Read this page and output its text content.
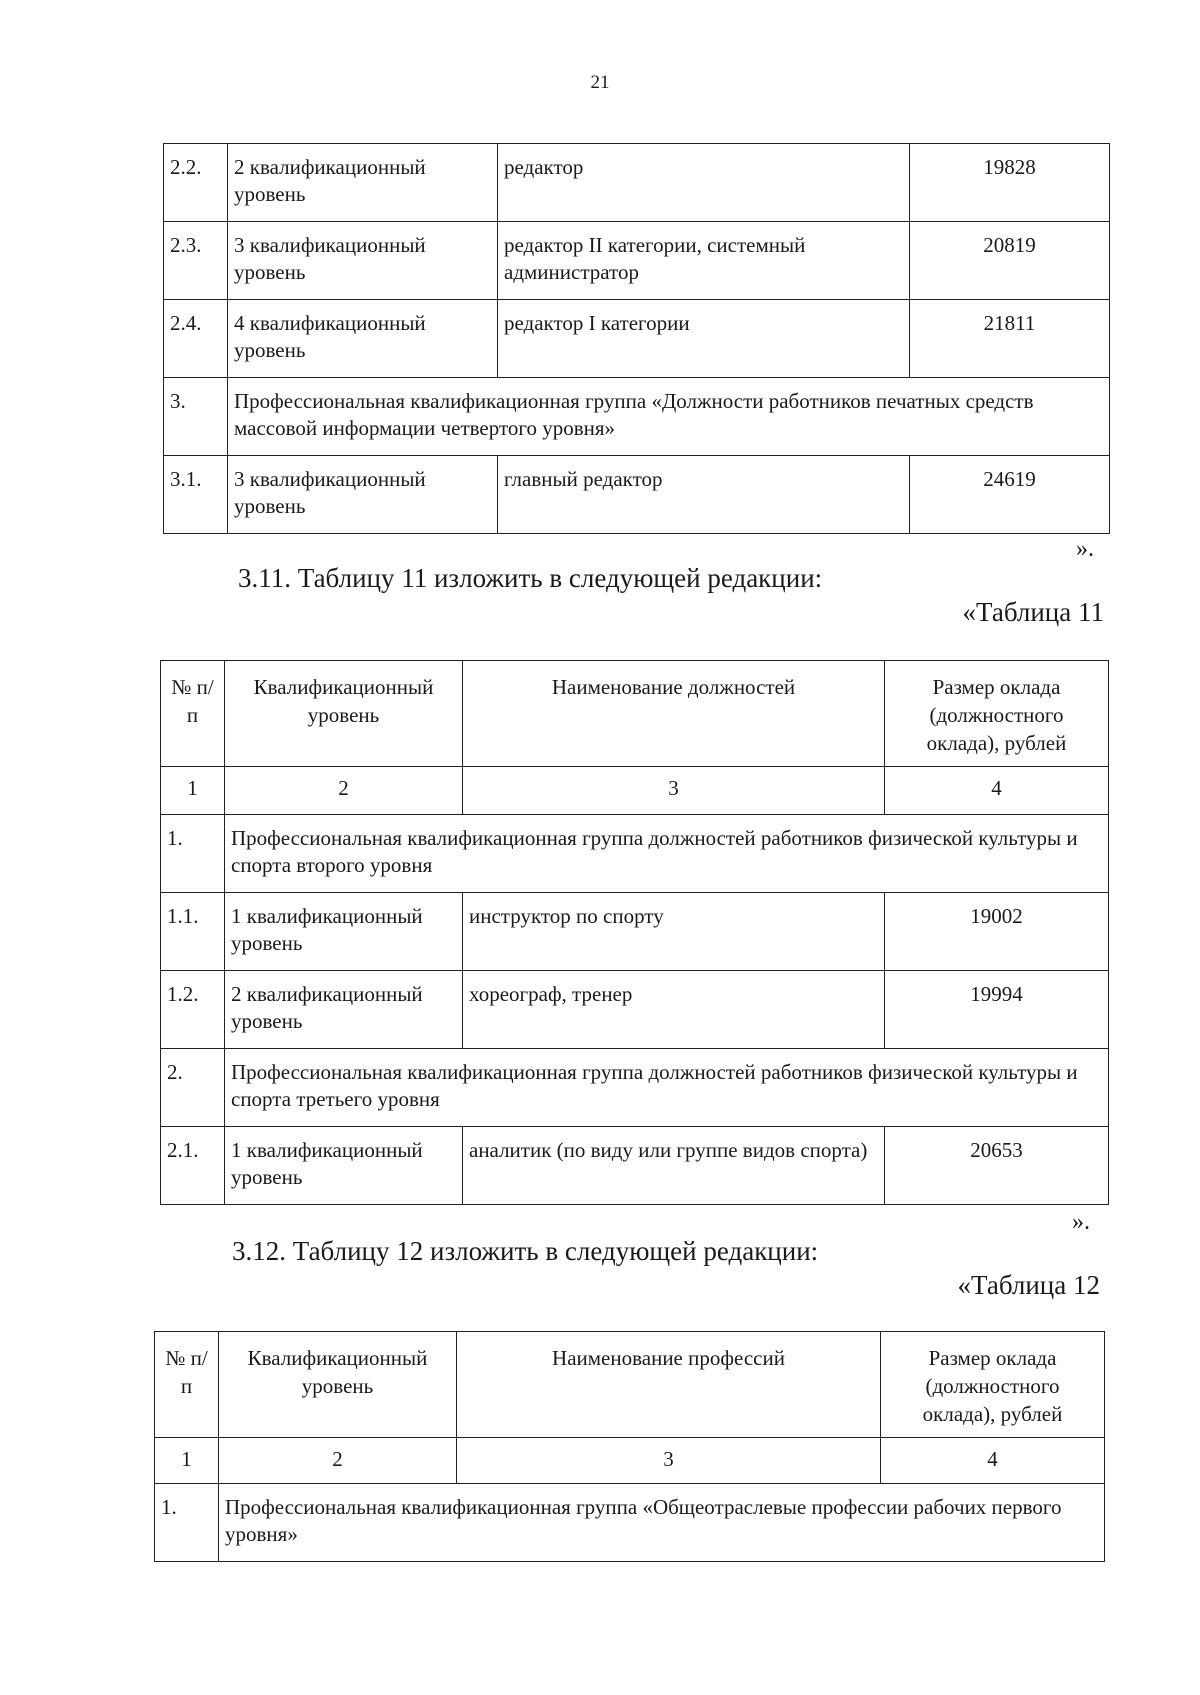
21
2.2.	2 квалификационный уровень	редактор	19828
2.3.	3 квалификационный уровень	редактор II категории, системный администратор	20819
2.4.	4 квалификационный уровень	редактор I категории	21811
3.	Профессиональная квалификационная группа «Должности работников печатных средств массовой информации четвертого уровня»		
3.1.	3 квалификационный уровень	главный редактор	24619
».
3.11. Таблицу 11 изложить в следующей редакции:
«Таблица 11
№ п/п	Квалификационный уровень	Наименование должностей	Размер оклада (должностного оклада), рублей
1	2	3	4
1.	Профессиональная квалификационная группа должностей работников физической культуры и спорта второго уровня		
1.1.	1 квалификационный уровень	инструктор по спорту	19002
1.2.	2 квалификационный уровень	хореограф, тренер	19994
2.	Профессиональная квалификационная группа должностей работников физической культуры и спорта третьего уровня		
2.1.	1 квалификационный уровень	аналитик (по виду или группе видов спорта)	20653
».
3.12. Таблицу 12 изложить в следующей редакции:
«Таблица 12
№ п/п	Квалификационный уровень	Наименование профессий	Размер оклада (должностного оклада), рублей
1	2	3	4
1.	Профессиональная квалификационная группа «Общеотраслевые профессии рабочих первого уровня»		
